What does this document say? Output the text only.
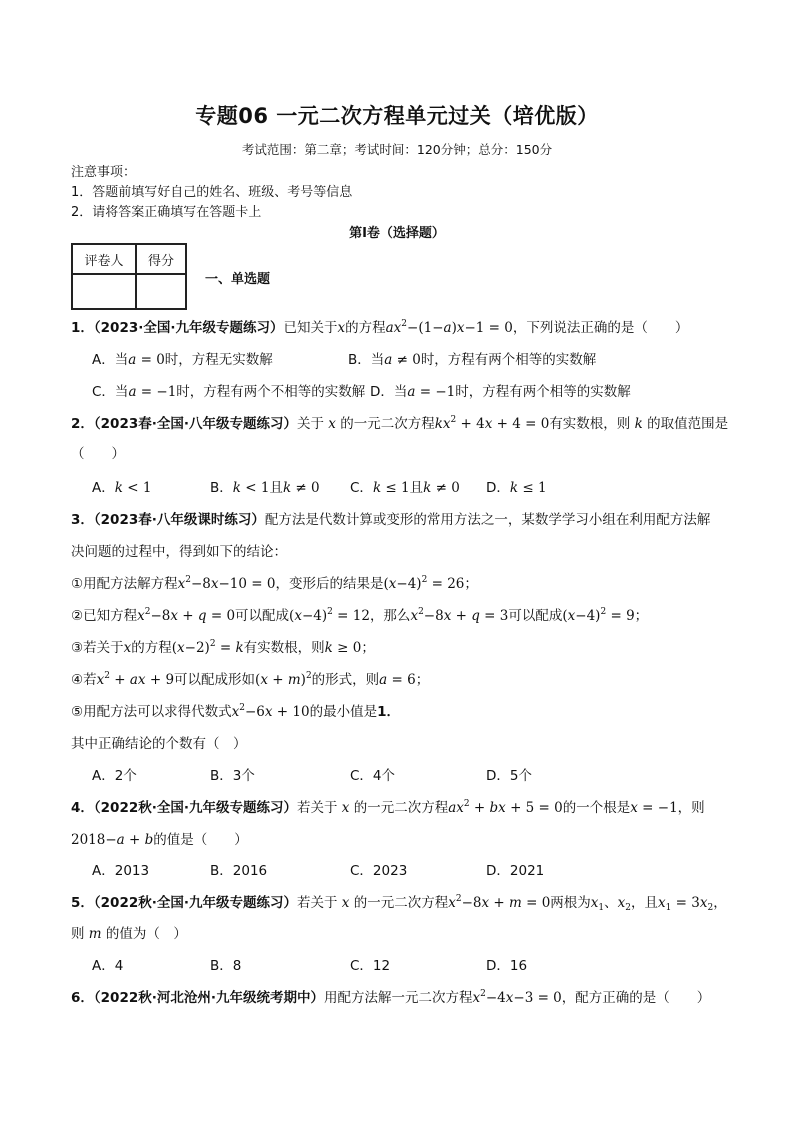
专题06 一元二次方程单元过关（培优版）
考试范围：第二章；考试时间：120分钟；总分：150分
注意事项：
1．答题前填写好自己的姓名、班级、考号等信息
2．请将答案正确填写在答题卡上
第Ⅰ卷（选择题）
评卷人	得分

一、单选题
1．（2023·全国·九年级专题练习）已知关于x的方程$ax^2-(1-a)x-1 = 0$，下列说法正确的是（　　）
A．当a = 0时，方程无实数解	B．当a ≠ 0时，方程有两个相等的实数解
C．当a = −1时，方程有两个不相等的实数解 D．当a = −1时，方程有两个相等的实数解
2．（2023春·全国·八年级专题练习）关于 x 的一元二次方程$kx^2 + 4x + 4 = 0$有实数根，则 k 的取值范围是
（　　）
A．k < 1	B．k < 1且k ≠ 0 C．k ≤ 1且k ≠ 0 D．k ≤ 1
3．（2023春·八年级课时练习）配方法是代数计算或变形的常用方法之一，某数学学习小组在利用配方法解
决问题的过程中，得到如下的结论：
①用配方法解方程$x^2-8x-10 = 0$，变形后的结果是$(x-4)^2 = 26$；
②已知方程$x^2-8x + q = 0$可以配成$(x-4)^2 = 12$，那么$x^2-8x + q = 3$可以配成$(x-4)^2 = 9$；
③若关于x的方程$(x-2)^2 = k$有实数根，则k ≥ 0；
④若$x^2$ + ax + 9可以配成形如$(x + m)^2$的形式，则a = 6；
⑤用配方法可以求得代数式$x^2-6x + 10$的最小值是1．
其中正确结论的个数有（　）
A．2个	B．3个	C．4个	D．5个
4．（2022秋·全国·九年级专题练习）若关于 x 的一元二次方程$ax^2$ + bx + 5 = 0的一个根是x = −1，则
2018−a + b的值是（　　）
A．2013	B．2016	C．2023	D．2021
5．（2022秋·全国·九年级专题练习）若关于 x 的一元二次方程$x^2-8x + m = 0$两根为$x_1$、$x_2$，且$x_1 = 3x_2$，
则 m 的值为（　）
A．4	B．8	C．12	D．16
6．（2022秋·河北沧州·九年级统考期中）用配方法解一元二次方程$x^2-4x-3 = 0$，配方正确的是（　　）
